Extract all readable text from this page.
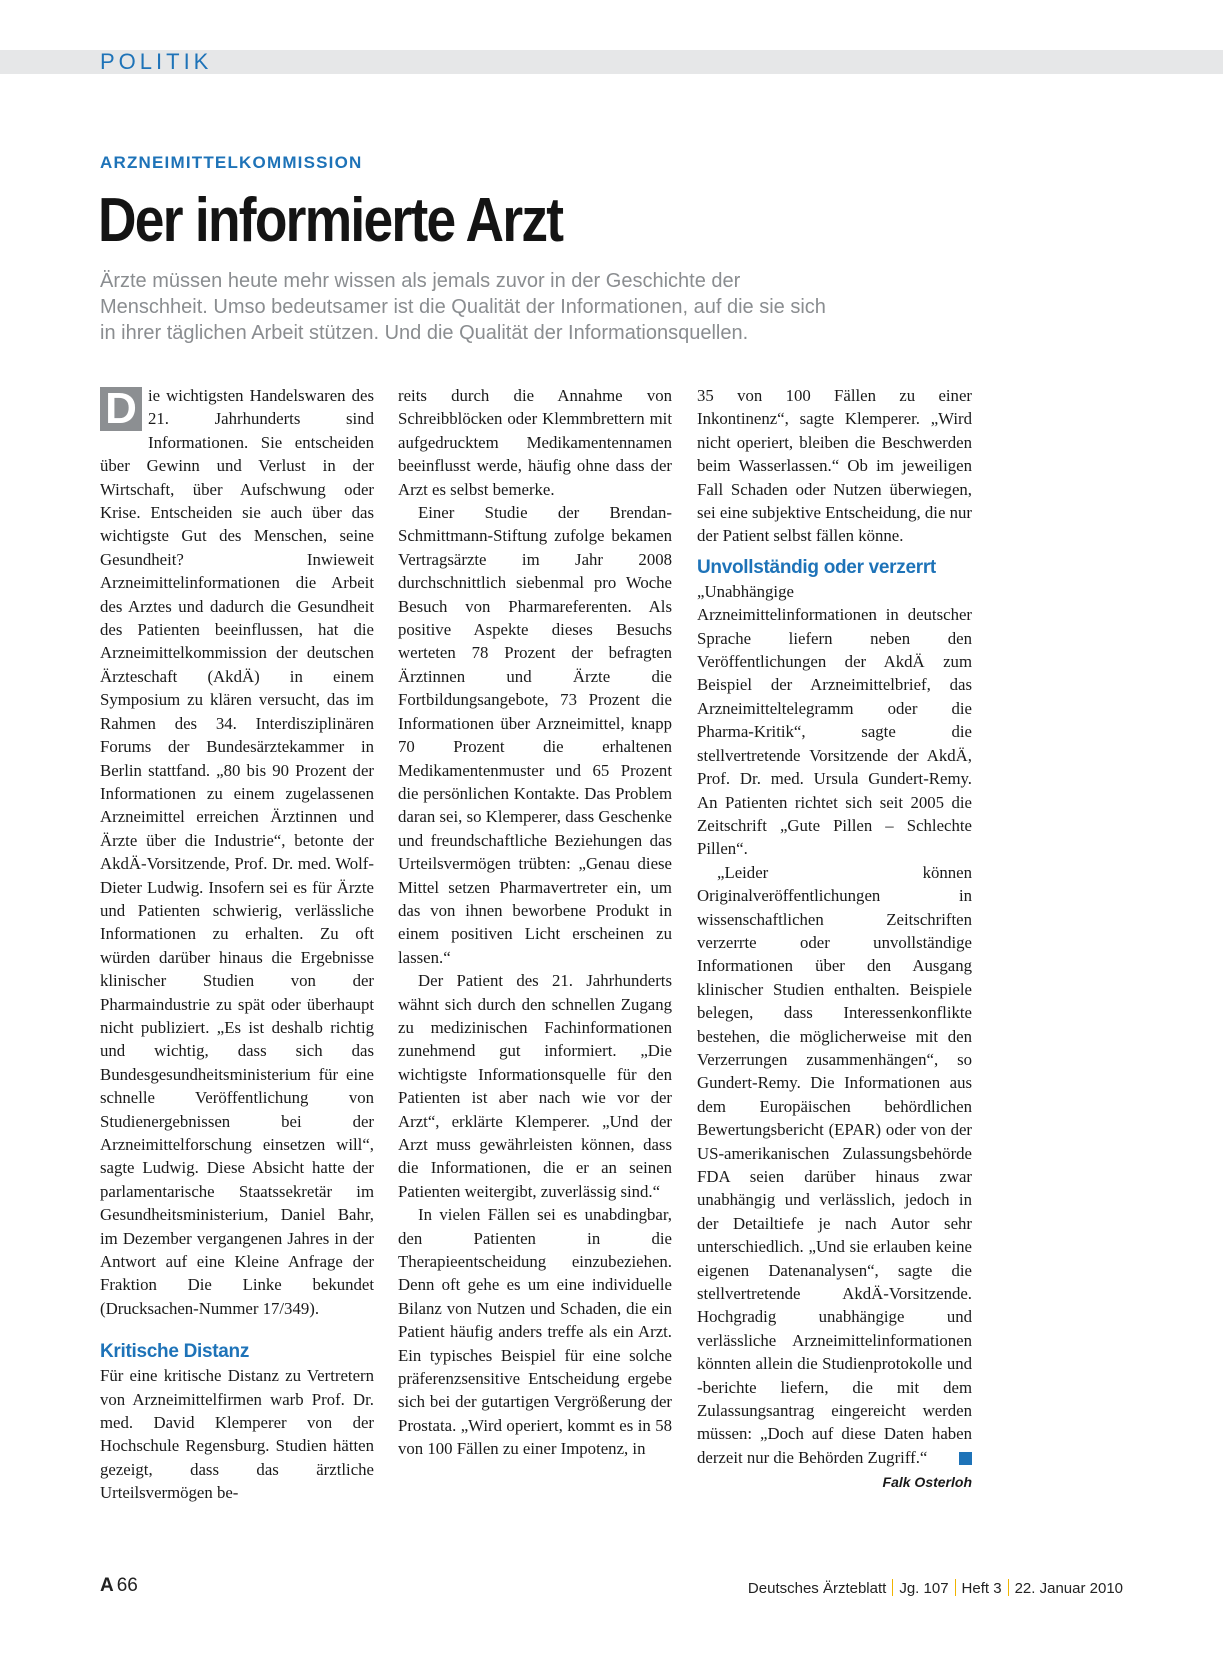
POLITIK
ARZNEIMITTELKOMMISSION
Der informierte Arzt
Ärzte müssen heute mehr wissen als jemals zuvor in der Geschichte der
Menschheit. Umso bedeutsamer ist die Qualität der Informationen, auf die sie sich
in ihrer täglichen Arbeit stützen. Und die Qualität der Informationsquellen.

D ie wichtigsten Handelswaren des 21. Jahrhunderts sind Informationen. Sie entscheiden über Gewinn und Verlust in der Wirtschaft, über Aufschwung oder Krise. Entscheiden sie auch über das wichtigste Gut des Menschen, seine Gesundheit? Inwieweit Arzneimittelinformationen die Arbeit des Arztes und dadurch die Gesundheit des Patienten beeinflussen, hat die Arzneimittelkommission der deutschen Ärzteschaft (AkdÄ) in einem Symposium zu klären versucht, das im Rahmen des 34. Interdisziplinären Forums der Bundesärztekammer in Berlin stattfand. „80 bis 90 Prozent der Informationen zu einem zugelassenen Arzneimittel erreichen Ärztinnen und Ärzte über die Industrie“, betonte der AkdÄ-Vorsitzende, Prof. Dr. med. Wolf-Dieter Ludwig. Insofern sei es für Ärzte und Patienten schwierig, verlässliche Informationen zu erhalten. Zu oft würden darüber hinaus die Ergebnisse klinischer Studien von der Pharmaindustrie zu spät oder überhaupt nicht publiziert. „Es ist deshalb richtig und wichtig, dass sich das Bundesgesundheitsministerium für eine schnelle Veröffentlichung von Studienergebnissen bei der Arzneimittelforschung einsetzen will“, sagte Ludwig. Diese Absicht hatte der parlamentarische Staatssekretär im Gesundheitsministerium, Daniel Bahr, im Dezember vergangenen Jahres in der Antwort auf eine Kleine Anfrage der Fraktion Die Linke bekundet (Drucksachen-Nummer 17/349).

Kritische Distanz

Für eine kritische Distanz zu Vertretern von Arzneimittelfirmen warb Prof. Dr. med. David Klemperer von der Hochschule Regensburg. Studien hätten gezeigt, dass das ärztliche Urteilsvermögen be-

reits durch die Annahme von Schreibblöcken oder Klemmbrettern mit aufgedrucktem Medikamentennamen beeinflusst werde, häufig ohne dass der Arzt es selbst bemerke.

Einer Studie der Brendan-Schmittmann-Stiftung zufolge bekamen Vertragsärzte im Jahr 2008 durchschnittlich siebenmal pro Woche Besuch von Pharmareferenten. Als positive Aspekte dieses Besuchs werteten 78 Prozent der befragten Ärztinnen und Ärzte die Fortbildungsangebote, 73 Prozent die Informationen über Arzneimittel, knapp 70 Prozent die erhaltenen Medikamentenmuster und 65 Prozent die persönlichen Kontakte. Das Problem daran sei, so Klemperer, dass Geschenke und freundschaftliche Beziehungen das Urteilsvermögen trübten: „Genau diese Mittel setzen Pharmavertreter ein, um das von ihnen beworbene Produkt in einem positiven Licht erscheinen zu lassen.“

Der Patient des 21. Jahrhunderts wähnt sich durch den schnellen Zugang zu medizinischen Fachinformationen zunehmend gut informiert. „Die wichtigste Informationsquelle für den Patienten ist aber nach wie vor der Arzt“, erklärte Klemperer. „Und der Arzt muss gewährleisten können, dass die Informationen, die er an seinen Patienten weitergibt, zuverlässig sind.“

In vielen Fällen sei es unabdingbar, den Patienten in die Therapieentscheidung einzubeziehen. Denn oft gehe es um eine individuelle Bilanz von Nutzen und Schaden, die ein Patient häufig anders treffe als ein Arzt. Ein typisches Beispiel für eine solche präferenzsensitive Entscheidung ergebe sich bei der gutartigen Vergrößerung der Prostata. „Wird operiert, kommt es in 58 von 100 Fällen zu einer Impotenz, in

35 von 100 Fällen zu einer Inkontinenz“, sagte Klemperer. „Wird nicht operiert, bleiben die Beschwerden beim Wasserlassen.“ Ob im jeweiligen Fall Schaden oder Nutzen überwiegen, sei eine subjektive Entscheidung, die nur der Patient selbst fällen könne.

Unvollständig oder verzerrt

„Unabhängige Arzneimittelinformationen in deutscher Sprache liefern neben den Veröffentlichungen der AkdÄ zum Beispiel der Arzneimittelbrief, das Arzneimitteltelegramm oder die Pharma-Kritik“, sagte die stellvertretende Vorsitzende der AkdÄ, Prof. Dr. med. Ursula Gundert-Remy. An Patienten richtet sich seit 2005 die Zeitschrift „Gute Pillen – Schlechte Pillen“.

„Leider können Originalveröffentlichungen in wissenschaftlichen Zeitschriften verzerrte oder unvollständige Informationen über den Ausgang klinischer Studien enthalten. Beispiele belegen, dass Interessenkonflikte bestehen, die möglicherweise mit den Verzerrungen zusammenhängen“, so Gundert-Remy. Die Informationen aus dem Europäischen behördlichen Bewertungsbericht (EPAR) oder von der US-amerikanischen Zulassungsbehörde FDA seien darüber hinaus zwar unabhängig und verlässlich, jedoch in der Detailtiefe je nach Autor sehr unterschiedlich. „Und sie erlauben keine eigenen Datenanalysen“, sagte die stellvertretende AkdÄ-Vorsitzende. Hochgradig unabhängige und verlässliche Arzneimittelinformationen könnten allein die Studienprotokolle und -berichte liefern, die mit dem Zulassungsantrag eingereicht werden müssen: „Doch auf diese Daten haben derzeit nur die Behörden Zugriff.“

Falk Osterloh
A 66	Deutsches Ärzteblatt Jg. 107 Heft 3 22. Januar 2010
